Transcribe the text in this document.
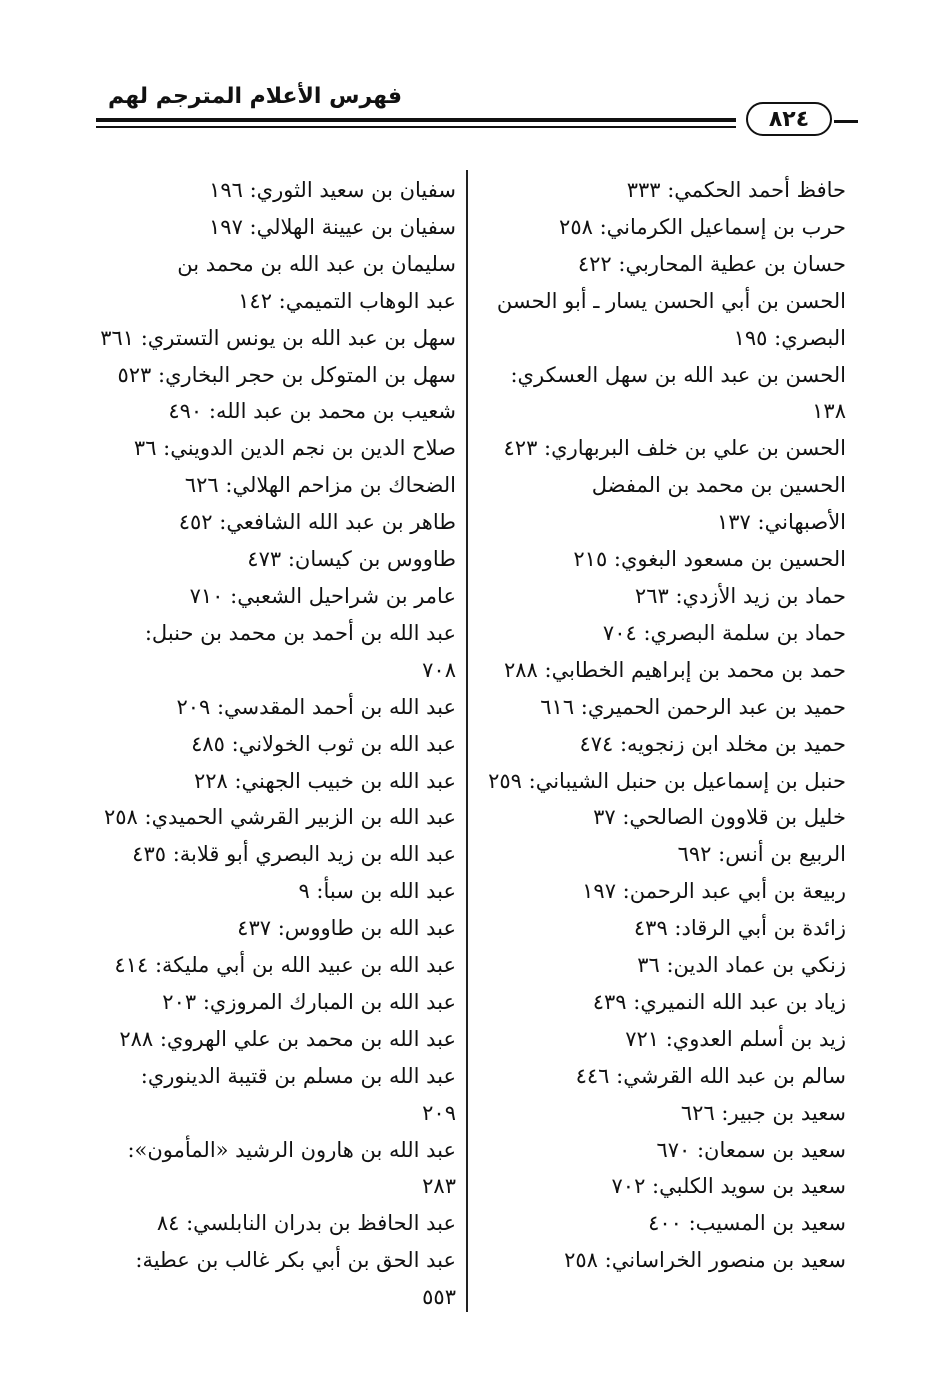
فهرس الأعلام المترجم لهم
٨٢٤

حافظ أحمد الحكمي: ٣٣٣

حرب بن إسماعيل الكرماني: ٢٥٨

حسان بن عطية المحاربي: ٤٢٢

الحسن بن أبي الحسن يسار ـ أبو الحسن

البصري: ١٩٥

الحسن بن عبد الله بن سهل العسكري:

١٣٨

الحسن بن علي بن خلف البربهاري: ٤٢٣

الحسين بن محمد بن المفضل

الأصبهاني: ١٣٧

الحسين بن مسعود البغوي: ٢١٥

حماد بن زيد الأزدي: ٢٦٣

حماد بن سلمة البصري: ٧٠٤

حمد بن محمد بن إبراهيم الخطابي: ٢٨٨

حميد بن عبد الرحمن الحميري: ٦١٦

حميد بن مخلد ابن زنجويه: ٤٧٤

حنبل بن إسماعيل بن حنبل الشيباني: ٢٥٩

خليل بن قلاوون الصالحي: ٣٧

الربيع بن أنس: ٦٩٢

ربيعة بن أبي عبد الرحمن: ١٩٧

زائدة بن أبي الرقاد: ٤٣٩

زنكي بن عماد الدين: ٣٦

زياد بن عبد الله النميري: ٤٣٩

زيد بن أسلم العدوي: ٧٢١

سالم بن عبد الله القرشي: ٤٤٦

سعيد بن جبير: ٦٢٦

سعيد بن سمعان: ٦٧٠

سعيد بن سويد الكلبي: ٧٠٢

سعيد بن المسيب: ٤٠٠

سعيد بن منصور الخراساني: ٢٥٨

سفيان بن سعيد الثوري: ١٩٦

سفيان بن عيينة الهلالي: ١٩٧

سليمان بن عبد الله بن محمد بن

عبد الوهاب التميمي: ١٤٢

سهل بن عبد الله بن يونس التستري: ٣٦١

سهل بن المتوكل بن حجر البخاري: ٥٢٣

شعيب بن محمد بن عبد الله: ٤٩٠

صلاح الدين بن نجم الدين الدويني: ٣٦

الضحاك بن مزاحم الهلالي: ٦٢٦

طاهر بن عبد الله الشافعي: ٤٥٢

طاووس بن كيسان: ٤٧٣

عامر بن شراحيل الشعبي: ٧١٠

عبد الله بن أحمد بن محمد بن حنبل:

٧٠٨

عبد الله بن أحمد المقدسي: ٢٠٩

عبد الله بن ثوب الخولاني: ٤٨٥

عبد الله بن خبيب الجهني: ٢٢٨

عبد الله بن الزبير القرشي الحميدي: ٢٥٨

عبد الله بن زيد البصري أبو قلابة: ٤٣٥

عبد الله بن سبأ: ٩

عبد الله بن طاووس: ٤٣٧

عبد الله بن عبيد الله بن أبي مليكة: ٤١٤

عبد الله بن المبارك المروزي: ٢٠٣

عبد الله بن محمد بن علي الهروي: ٢٨٨

عبد الله بن مسلم بن قتيبة الدينوري:

٢٠٩

عبد الله بن هارون الرشيد «المأمون»: ٢٨٣

عبد الحافظ بن بدران النابلسي: ٨٤

عبد الحق بن أبي بكر غالب بن عطية:

٥٥٣
